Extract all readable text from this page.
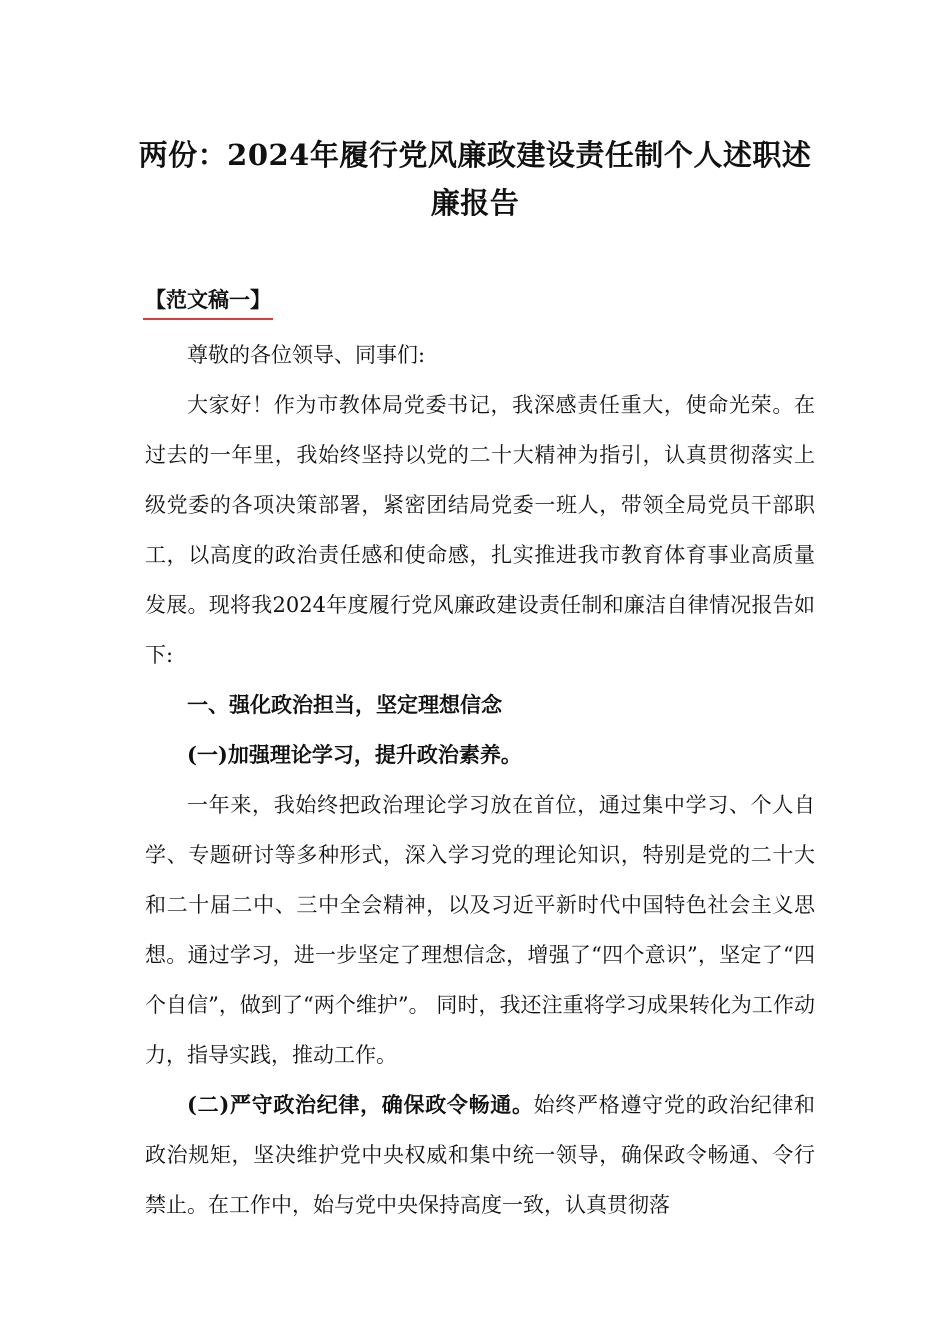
两份：2024年履行党风廉政建设责任制个人述职述
廉报告
【范文稿一】

尊敬的各位领导、同事们:

大家好！作为市教体局党委书记，我深感责任重大，使命光荣。在过去的一年里，我始终坚持以党的二十大精神为指引，认真贯彻落实上级党委的各项决策部署，紧密团结局党委一班人，带领全局党员干部职工，以高度的政治责任感和使命感，扎实推进我市教育体育事业高质量发展。现将我2024年度履行党风廉政建设责任制和廉洁自律情况报告如下:

一、强化政治担当，坚定理想信念

(一)加强理论学习，提升政治素养。

一年来，我始终把政治理论学习放在首位，通过集中学习、个人自学、专题研讨等多种形式，深入学习党的理论知识，特别是党的二十大和二十届二中、三中全会精神，以及习近平新时代中国特色社会主义思想。通过学习，进一步坚定了理想信念，增强了“四个意识”，坚定了“四个自信”，做到了“两个维护”。 同时，我还注重将学习成果转化为工作动力，指导实践，推动工作。

(二)严守政治纪律，确保政令畅通。始终严格遵守党的政治纪律和政治规矩，坚决维护党中央权威和集中统一领导，确保政令畅通、令行禁止。在工作中，始与党中央保持高度一致，认真贯彻落
